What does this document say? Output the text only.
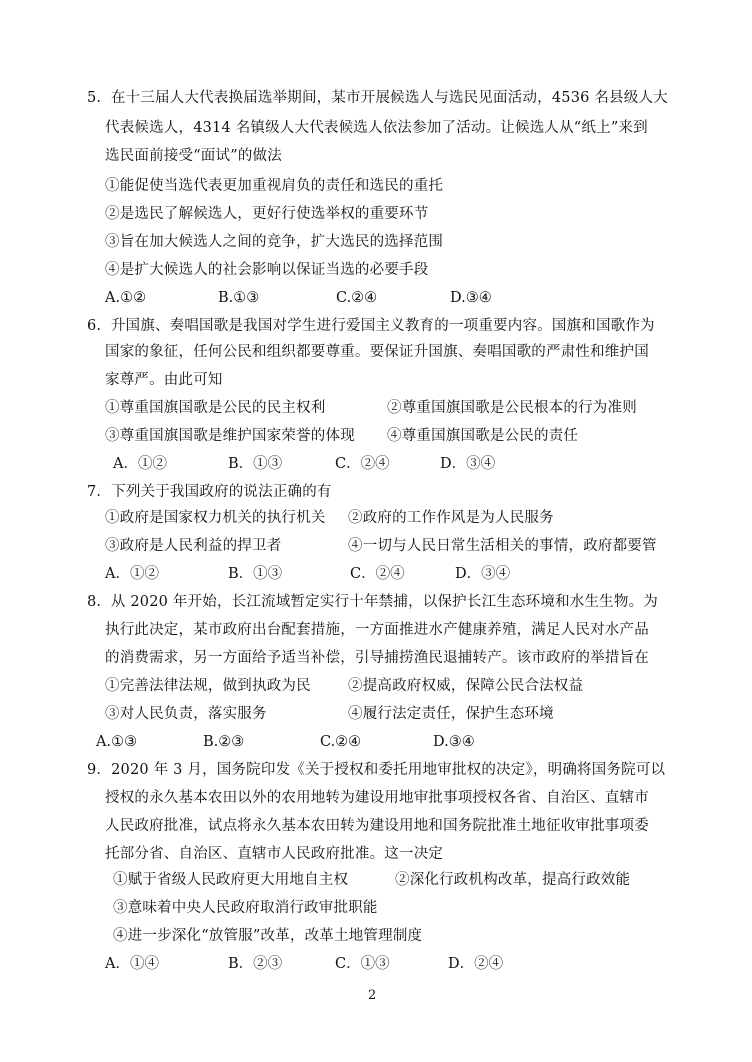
5.  在十三届人大代表换届选举期间，某市开展候选人与选民见面活动，4536 名县级人大
代表候选人，4314 名镇级人大代表候选人依法参加了活动。让候选人从“纸上”来到
选民面前接受“面试”的做法
①能促使当选代表更加重视肩负的责任和选民的重托
②是选民了解候选人，更好行使选举权的重要环节
③旨在加大候选人之间的竞争，扩大选民的选择范围
④是扩大候选人的社会影响以保证当选的必要手段
A.①②	B.①③	C.②④	D.③④
6.  升国旗、奏唱国歌是我国对学生进行爱国主义教育的一项重要内容。国旗和国歌作为
国家的象征，任何公民和组织都要尊重。要保证升国旗、奏唱国歌的严肃性和维护国
家尊严。由此可知
①尊重国旗国歌是公民的民主权利	②尊重国旗国歌是公民根本的行为准则
③尊重国旗国歌是维护国家荣誉的体现 ④尊重国旗国歌是公民的责任
A．①②	B．①③	C．②④	D．③④
7．下列关于我国政府的说法正确的有
①政府是国家权力机关的执行机关 ②政府的工作作风是为人民服务
③政府是人民利益的捍卫者	④一切与人民日常生活相关的事情，政府都要管
A．①②	B．①③	C．②④	D．③④
8.  从 2020 年开始，长江流域暂定实行十年禁捕，以保护长江生态环境和水生生物。为
执行此决定，某市政府出台配套措施，一方面推进水产健康养殖，满足人民对水产品
的消费需求，另一方面给予适当补偿，引导捕捞渔民退捕转产。该市政府的举措旨在
①完善法律法规，做到执政为民	②提高政府权威，保障公民合法权益
③对人民负责，落实服务	④履行法定责任，保护生态环境
A.①③	B.②③	C.②④	D.③④
9．2020 年 3 月，国务院印发《关于授权和委托用地审批权的决定》，明确将国务院可以
授权的永久基本农田以外的农用地转为建设用地审批事项授权各省、自治区、直辖市
人民政府批准，试点将永久基本农田转为建设用地和国务院批准土地征收审批事项委
托部分省、自治区、直辖市人民政府批准。这一决定
①赋于省级人民政府更大用地自主权	②深化行政机构改革，提高行政效能
③意味着中央人民政府取消行政审批职能
④进一步深化“放管服”改革，改革土地管理制度
A．①④	B．②③	C．①③	D．②④
2
